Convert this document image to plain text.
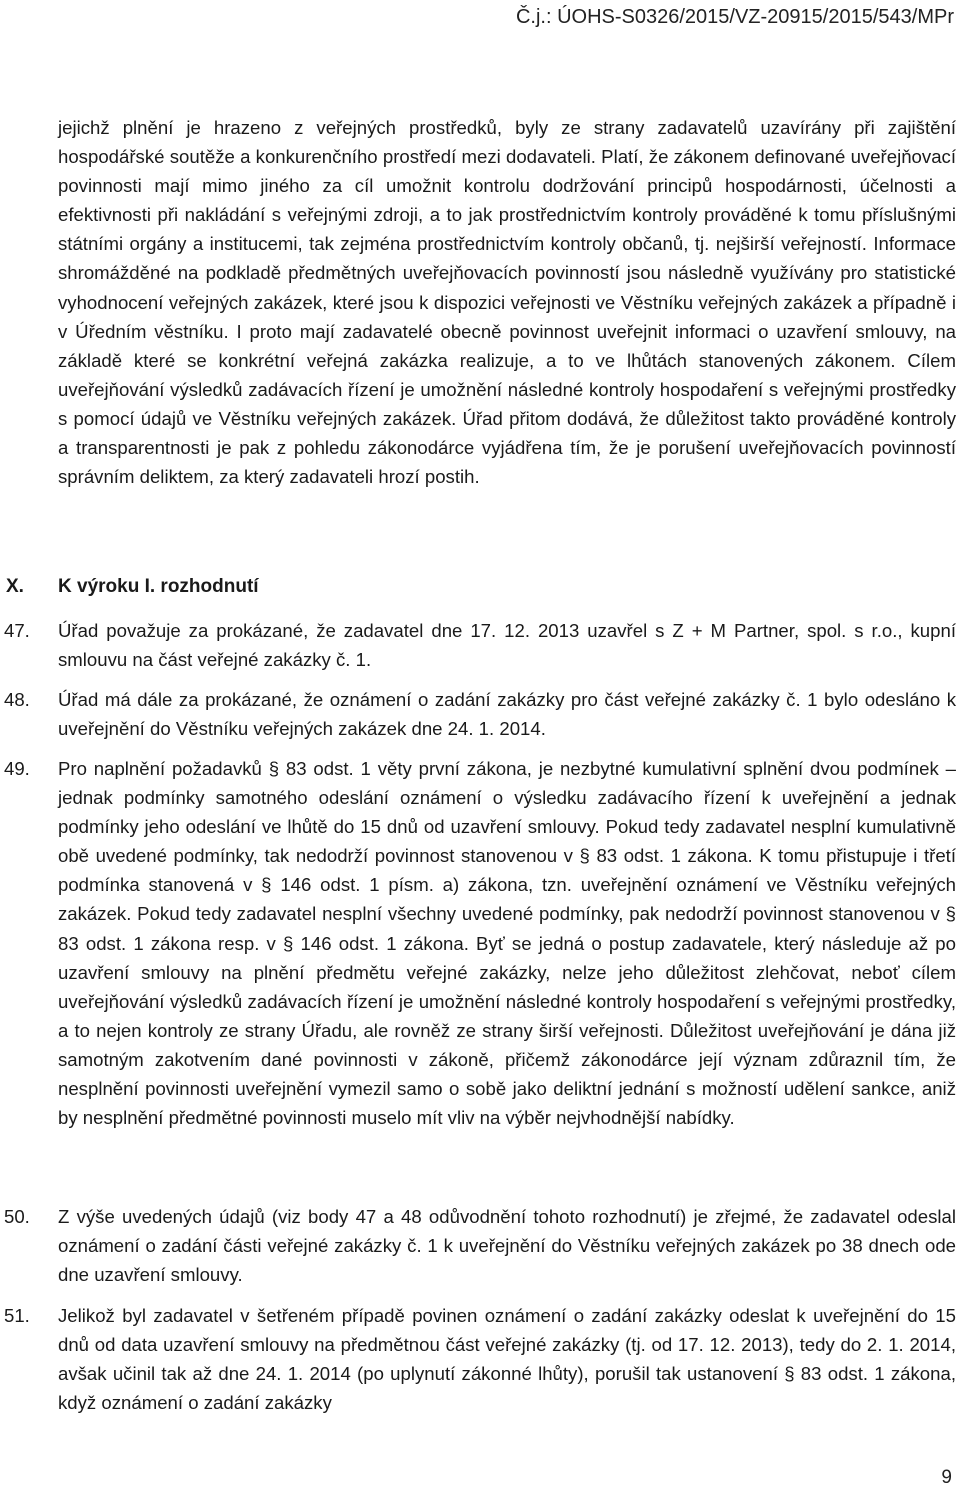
Č.j.: ÚOHS-S0326/2015/VZ-20915/2015/543/MPr

jejichž plnění je hrazeno z veřejných prostředků, byly ze strany zadavatelů uzavírány při zajištění hospodářské soutěže a konkurenčního prostředí mezi dodavateli. Platí, že zákonem definované uveřejňovací povinnosti mají mimo jiného za cíl umožnit kontrolu dodržování principů hospodárnosti, účelnosti a efektivnosti při nakládání s veřejnými zdroji, a to jak prostřednictvím kontroly prováděné k tomu příslušnými státními orgány a institucemi, tak zejména prostřednictvím kontroly občanů, tj. nejširší veřejností. Informace shromážděné na podkladě předmětných uveřejňovacích povinností jsou následně využívány pro statistické vyhodnocení veřejných zakázek, které jsou k dispozici veřejnosti ve Věstníku veřejných zakázek a případně i v Úředním věstníku. I proto mají zadavatelé obecně povinnost uveřejnit informaci o uzavření smlouvy, na základě které se konkrétní veřejná zakázka realizuje, a to ve lhůtách stanovených zákonem. Cílem uveřejňování výsledků zadávacích řízení je umožnění následné kontroly hospodaření s veřejnými prostředky s pomocí údajů ve Věstníku veřejných zakázek. Úřad přitom dodává, že důležitost takto prováděné kontroly a transparentnosti je pak z pohledu zákonodárce vyjádřena tím, že je porušení uveřejňovacích povinností správním deliktem, za který zadavateli hrozí postih.

X. K výroku I. rozhodnutí
47. Úřad považuje za prokázané, že zadavatel dne 17. 12. 2013 uzavřel s Z + M Partner, spol. s r.o., kupní smlouvu na část veřejné zakázky č. 1.

48. Úřad má dále za prokázané, že oznámení o zadání zakázky pro část veřejné zakázky č. 1 bylo odesláno k uveřejnění do Věstníku veřejných zakázek dne 24. 1. 2014.

49. Pro naplnění požadavků § 83 odst. 1 věty první zákona, je nezbytné kumulativní splnění dvou podmínek – jednak podmínky samotného odeslání oznámení o výsledku zadávacího řízení k uveřejnění a jednak podmínky jeho odeslání ve lhůtě do 15 dnů od uzavření smlouvy. Pokud tedy zadavatel nesplní kumulativně obě uvedené podmínky, tak nedodrží povinnost stanovenou v § 83 odst. 1 zákona. K tomu přistupuje i třetí podmínka stanovená v § 146 odst. 1 písm. a) zákona, tzn. uveřejnění oznámení ve Věstníku veřejných zakázek. Pokud tedy zadavatel nesplní všechny uvedené podmínky, pak nedodrží povinnost stanovenou v § 83 odst. 1 zákona resp. v § 146 odst. 1 zákona. Byť se jedná o postup zadavatele, který následuje až po uzavření smlouvy na plnění předmětu veřejné zakázky, nelze jeho důležitost zlehčovat, neboť cílem uveřejňování výsledků zadávacích řízení je umožnění následné kontroly hospodaření s veřejnými prostředky, a to nejen kontroly ze strany Úřadu, ale rovněž ze strany širší veřejnosti. Důležitost uveřejňování je dána již samotným zakotvením dané povinnosti v zákoně, přičemž zákonodárce její význam zdůraznil tím, že nesplnění povinnosti uveřejnění vymezil samo o sobě jako deliktní jednání s možností udělení sankce, aniž by nesplnění předmětné povinnosti muselo mít vliv na výběr nejvhodnější nabídky.

50. Z výše uvedených údajů (viz body 47 a 48 odůvodnění tohoto rozhodnutí) je zřejmé, že zadavatel odeslal oznámení o zadání části veřejné zakázky č. 1 k uveřejnění do Věstníku veřejných zakázek po 38 dnech ode dne uzavření smlouvy.

51. Jelikož byl zadavatel v šetřeném případě povinen oznámení o zadání zakázky odeslat k uveřejnění do 15 dnů od data uzavření smlouvy na předmětnou část veřejné zakázky (tj. od 17. 12. 2013), tedy do 2. 1. 2014, avšak učinil tak až dne 24. 1. 2014 (po uplynutí zákonné lhůty), porušil tak ustanovení § 83 odst. 1 zákona, když oznámení o zadání zakázky

9
